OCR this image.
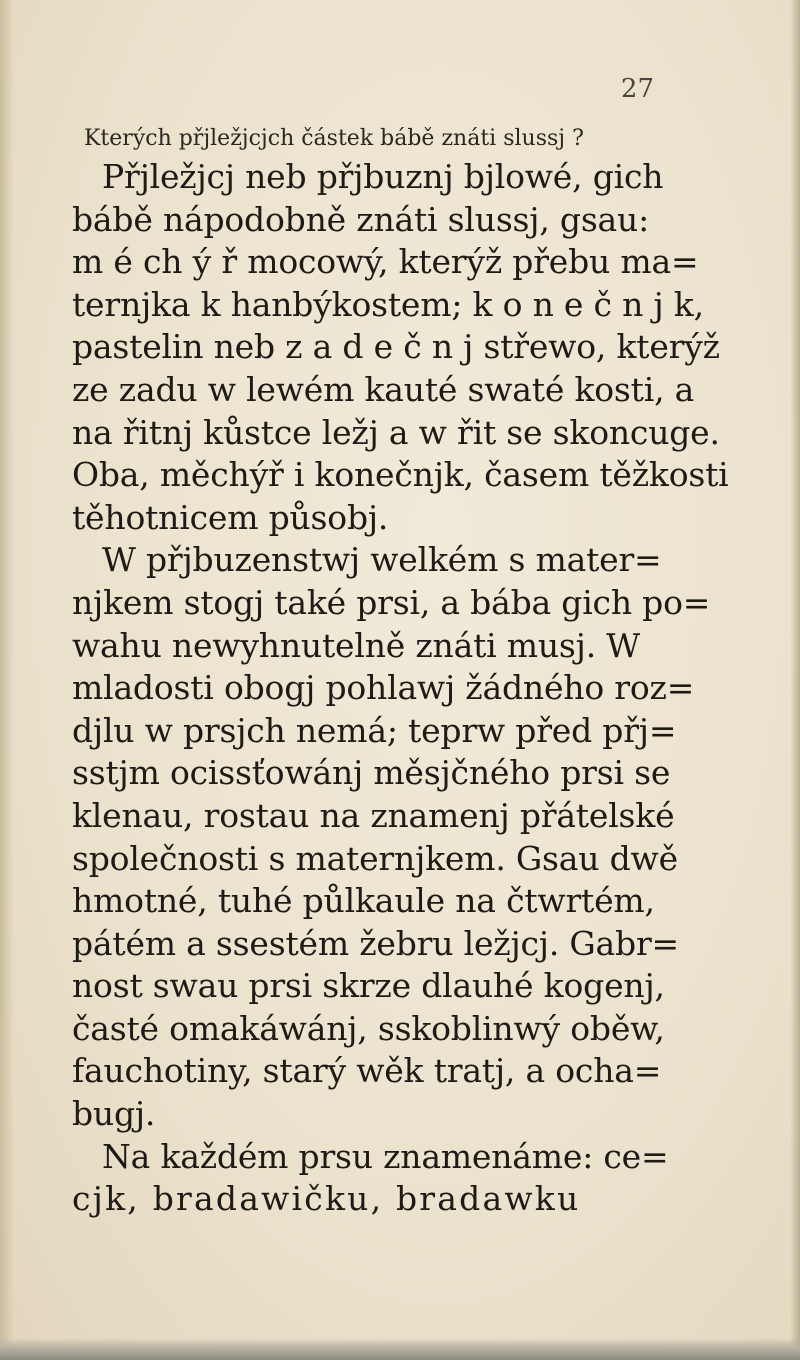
27
Kterých přjležjcjch částek bábě znáti slussj ?
Přjležjcj neb přjbuznj bjlowé, gich
bábě nápodobně znáti slussj, gsau:
m é ch ý ř mocowý, kterýž přebu ma=
ternjka k hanbýkostem; k o n e č n j k,
pastelin neb z a d e č n j střewo, kterýž
ze zadu w lewém kauté swaté kosti, a
na řitnj kůstce ležj a w řit se skoncuge.
Oba, měchýř i konečnjk, časem těžkosti
těhotnicem působj.
W přjbuzenstwj welkém s mater=
njkem stogj také prsi, a bába gich po=
wahu newyhnutelně znáti musj. W
mladosti obogj pohlawj žádného roz=
djlu w prsjch nemá; teprw před přj=
sstjm ocissťowánj měsjčného prsi se
klenau, rostau na znamenj přátelské
společnosti s maternjkem. Gsau dwě
hmotné, tuhé půlkaule na čtwrtém,
pátém a ssestém žebru ležjcj. Gabr=
nost swau prsi skrze dlauhé kogenj,
časté omakáwánj, sskoblinwý oběw,
fauchotiny, starý wěk tratj, a ocha=
bugj.
Na každém prsu znamenáme: ce=
cjk, bradawičku, bradawku
